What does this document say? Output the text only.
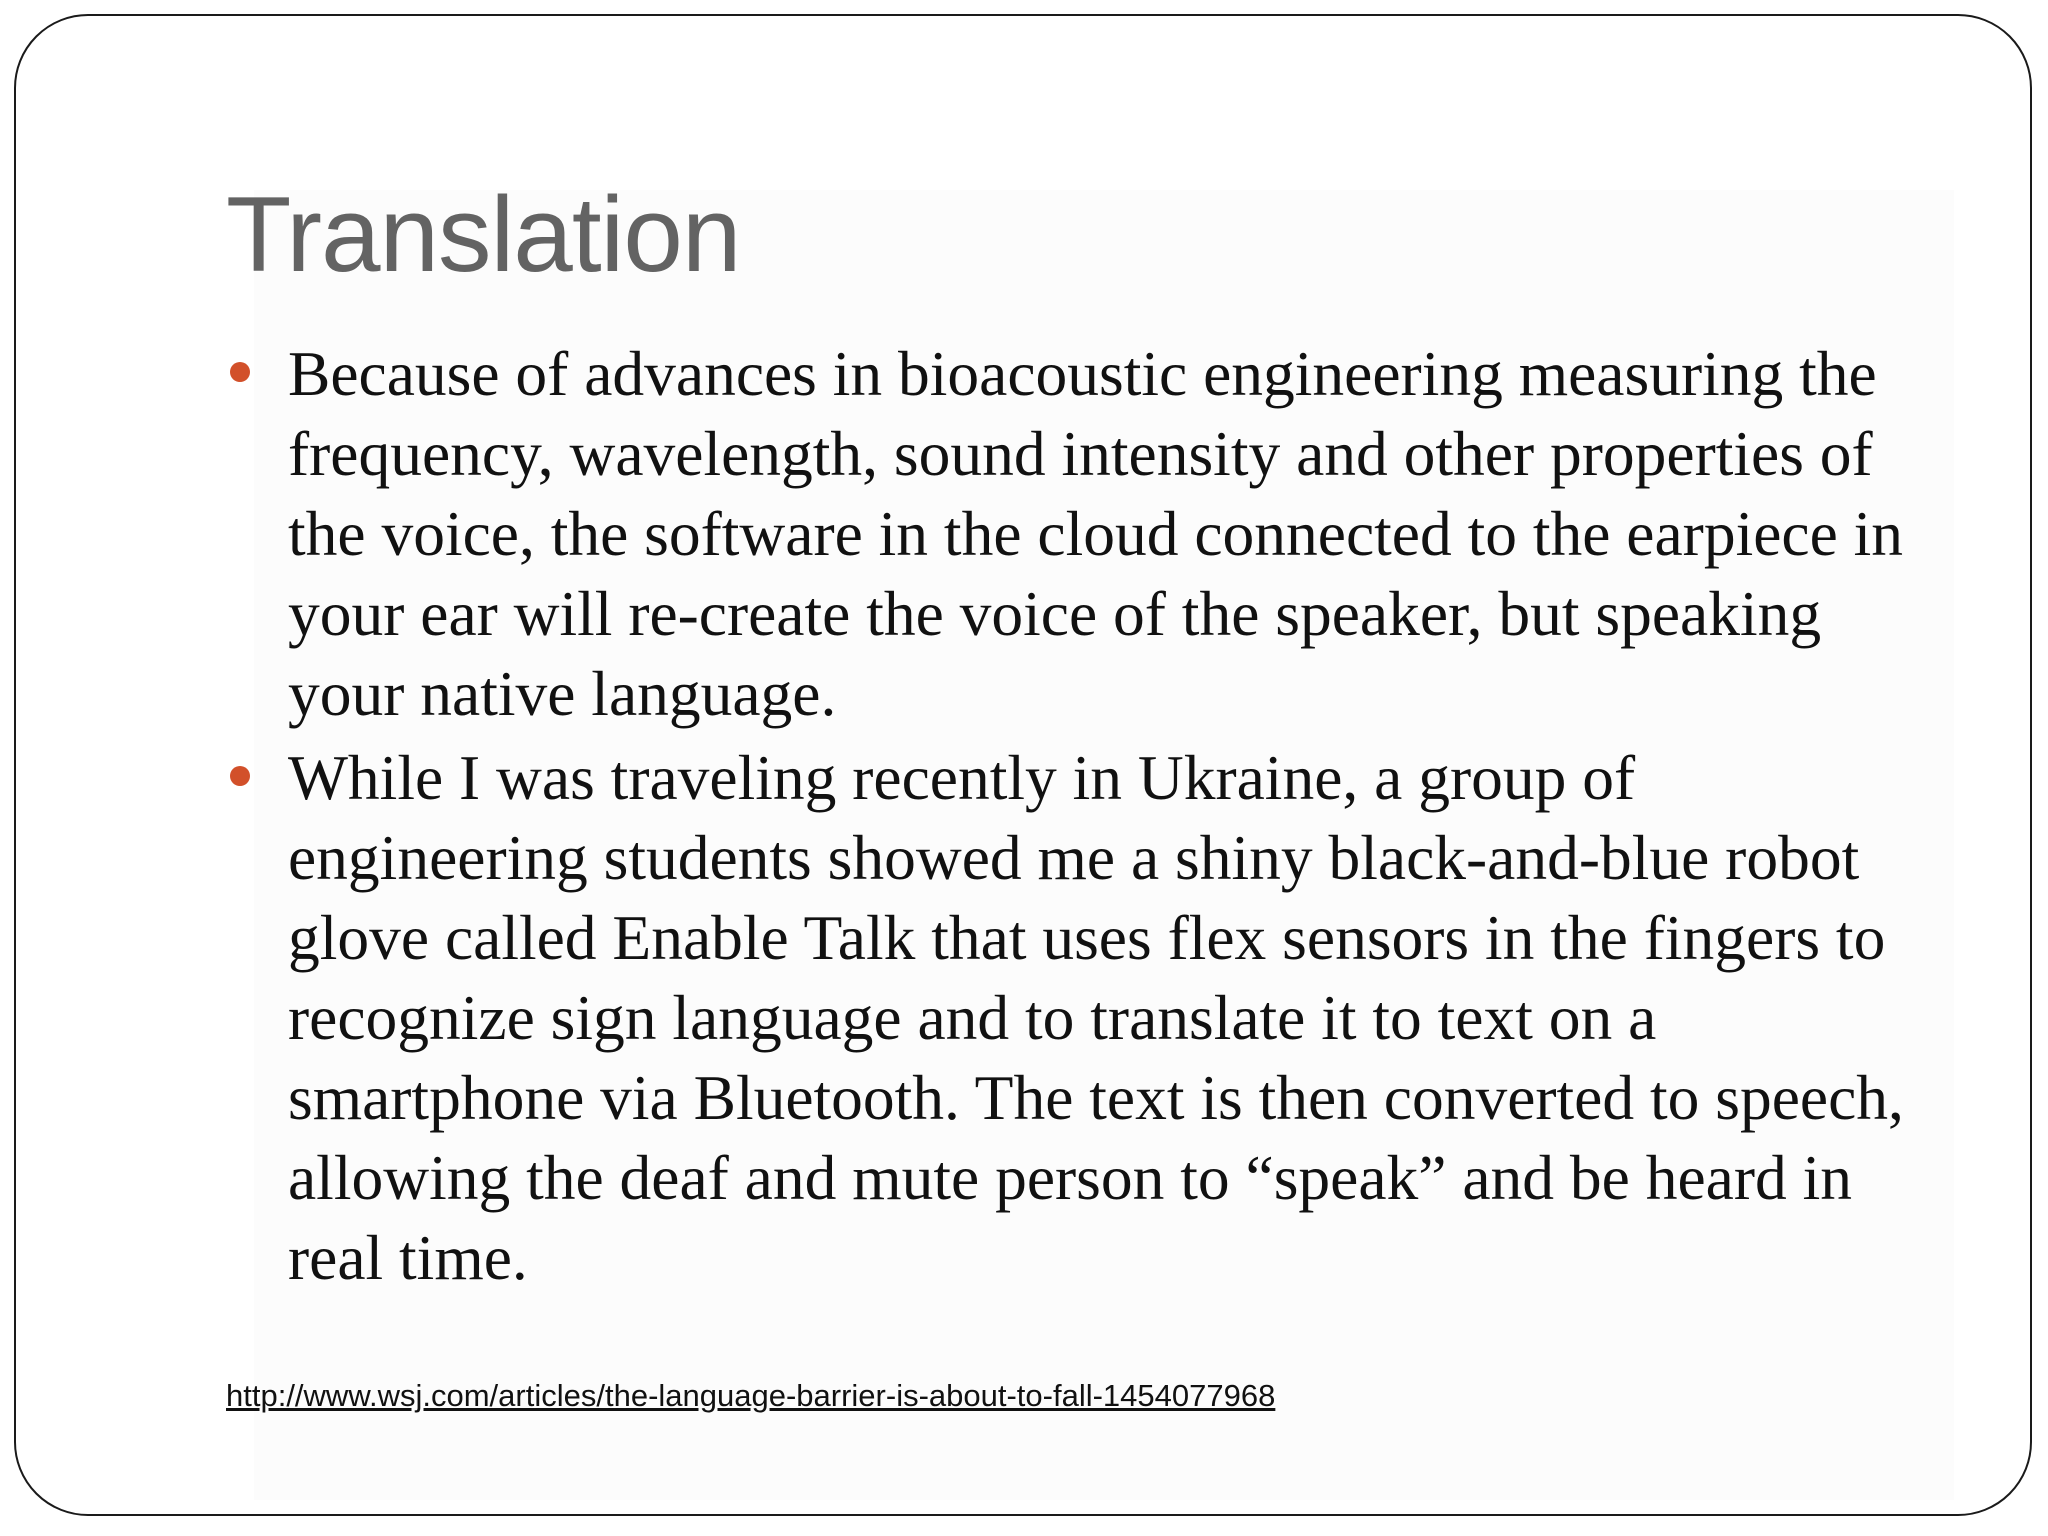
Translation
Because of advances in bioacoustic engineering measuring the frequency, wavelength, sound intensity and other properties of the voice, the software in the cloud connected to the earpiece in your ear will re-create the voice of the speaker, but speaking your native language.
While I was traveling recently in Ukraine, a group of engineering students showed me a shiny black-and-blue robot glove called Enable Talk that uses flex sensors in the fingers to recognize sign language and to translate it to text on a smartphone via Bluetooth. The text is then converted to speech, allowing the deaf and mute person to “speak” and be heard in real time.
http://www.wsj.com/articles/the-language-barrier-is-about-to-fall-1454077968
